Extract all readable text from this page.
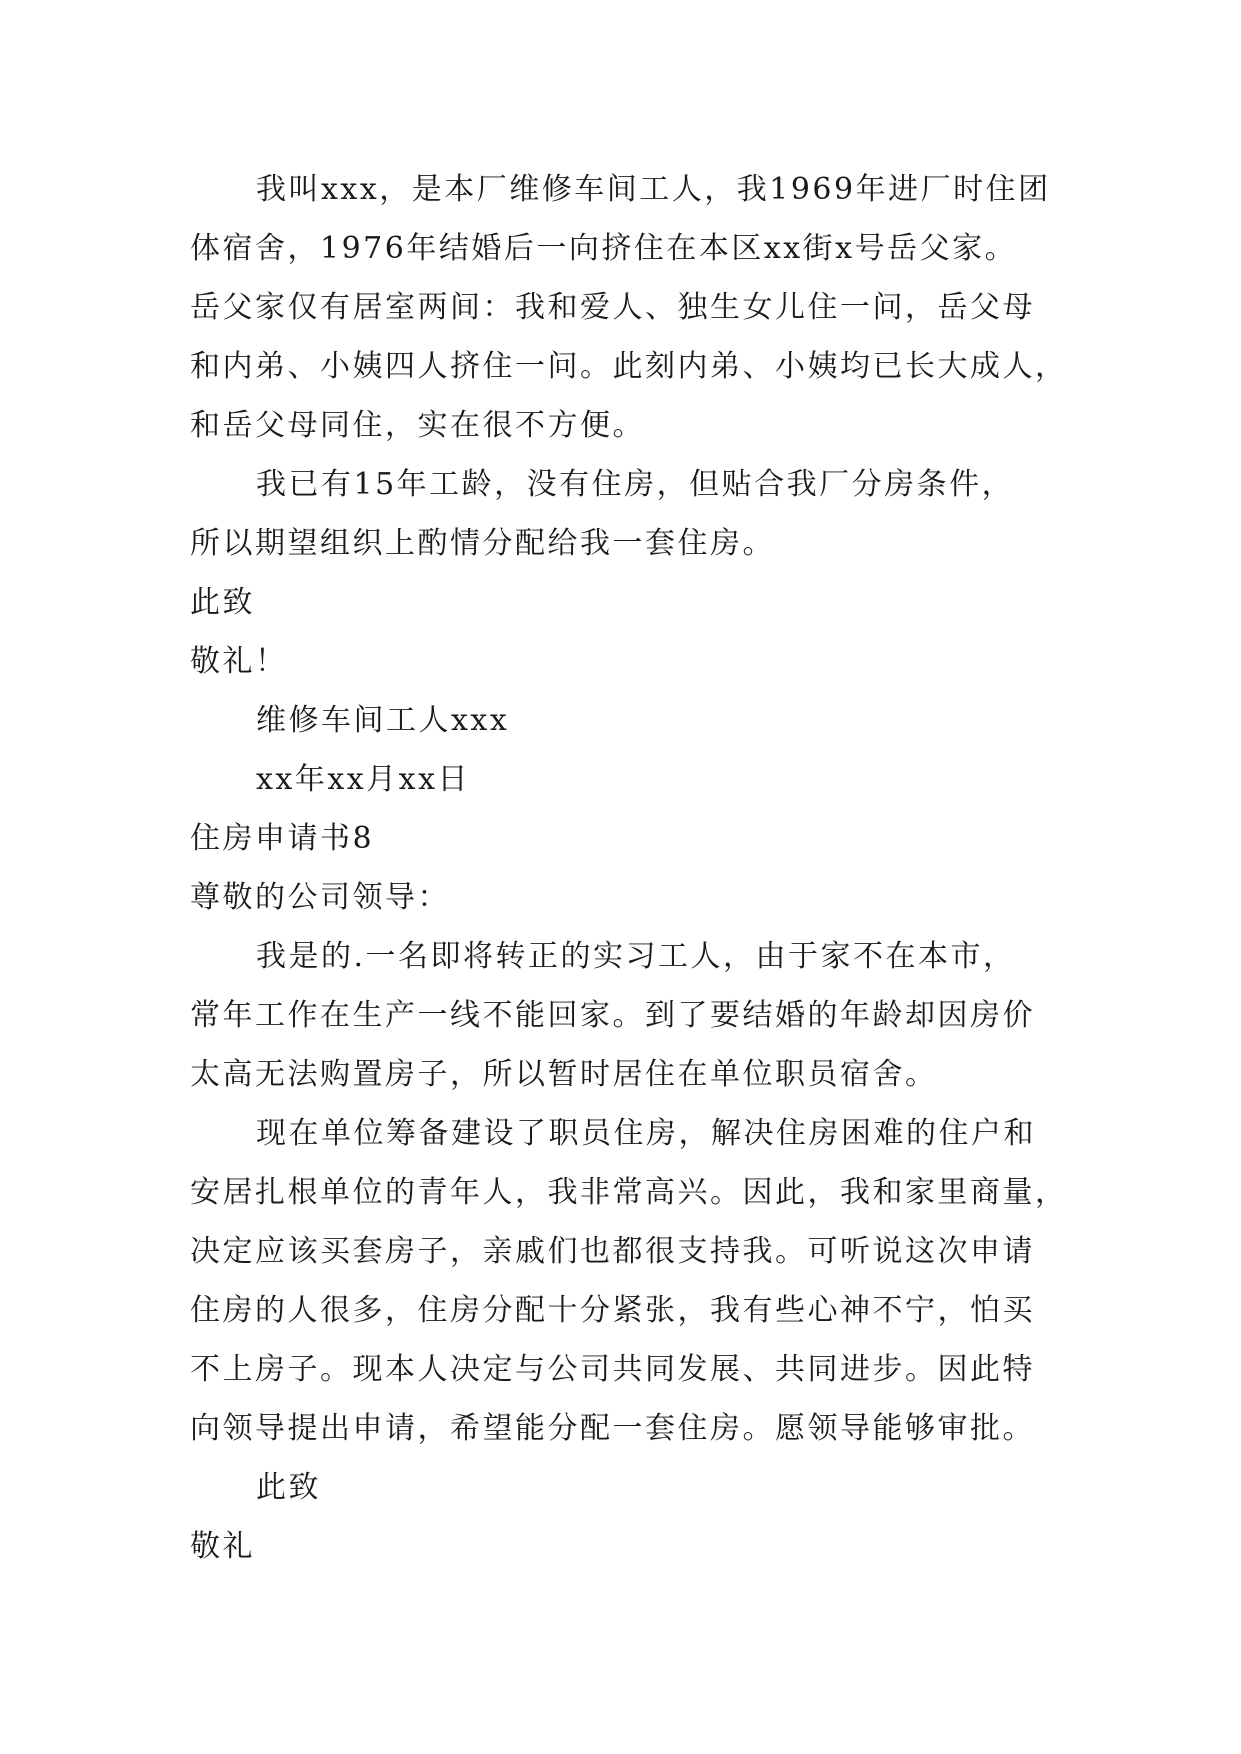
我叫xxx，是本厂维修车间工人，我1969年进厂时住团
体宿舍，1976年结婚后一向挤住在本区xx街x号岳父家。
岳父家仅有居室两间：我和爱人、独生女儿住一问，岳父母
和内弟、小姨四人挤住一问。此刻内弟、小姨均已长大成人，
和岳父母同住，实在很不方便。
我已有15年工龄，没有住房，但贴合我厂分房条件，
所以期望组织上酌情分配给我一套住房。
此致
敬礼！
维修车间工人xxx
xx年xx月xx日
住房申请书8
尊敬的公司领导：
我是的.一名即将转正的实习工人，由于家不在本市，
常年工作在生产一线不能回家。到了要结婚的年龄却因房价
太高无法购置房子，所以暂时居住在单位职员宿舍。
现在单位筹备建设了职员住房，解决住房困难的住户和
安居扎根单位的青年人，我非常高兴。因此，我和家里商量，
决定应该买套房子，亲戚们也都很支持我。可听说这次申请
住房的人很多，住房分配十分紧张，我有些心神不宁，怕买
不上房子。现本人决定与公司共同发展、共同进步。因此特
向领导提出申请，希望能分配一套住房。愿领导能够审批。
此致
敬礼
